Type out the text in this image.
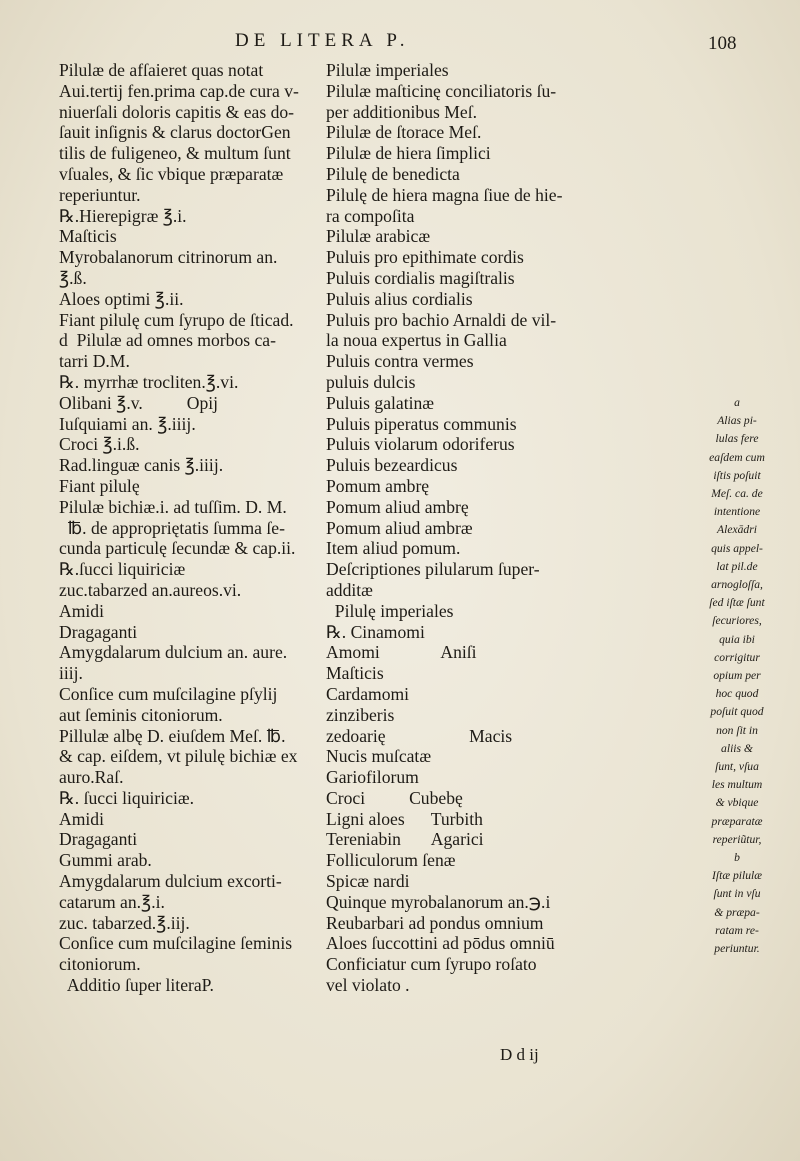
DE LITERA P.	108
Pilulæ de afſaieret quas notat
Aui.tertij fen.prima cap.de cura v-
niuerſali doloris capitis & eas do-
ſauit inſignis & clarus doctorGen
tilis de fuligeneo, & multum ſunt
vſuales, & ſic vbique præparatæ
reperiuntur.
℞.Hierepigræ ℥.i.
Maſticis
Myrobalanorum citrinorum an.
℥.ß.
Aloes optimi ℥.ii.
Fiant pilulę cum ſyrupo de ſticad.
d  Pilulæ ad omnes morbos ca-
tarri D.M.
℞. myrrhæ trocliten.℥.vi.
Olibani ℥.v.          Opij
Iuſquiami an. ℥.iiij.
Croci ℥.i.ß.
Rad.linguæ canis ℥.iiij.
Fiant pilulę
Pilulæ bichiæ.i. ad tuſſim. D. M.
℔. de appropriętatis ſumma ſe-
cunda particulę ſecundæ & cap.ii.
℞.ſucci liquiriciæ
zuc.tabarzed an.aureos.vi.
Amidi
Dragaganti
Amygdalarum dulcium an. aure.
iiij.
Conſice cum muſcilagine pſylij
aut ſeminis citoniorum.
Pillulæ albę D. eiuſdem Meſ. ℔.
& cap. eiſdem, vt pilulę bichiæ ex
auro.Raſ.
℞. ſucci liquiriciæ.
Amidi
Dragaganti
Gummi arab.
Amygdalarum dulcium excorti-
catarum an.℥.i.
zuc. tabarzed.℥.iij.
Conſice cum muſcilagine ſeminis
citoniorum.
Additio ſuper literaP.
Pilulæ imperiales
Pilulæ maſticinę conciliatoris ſu-
per additionibus Meſ.
Pilulæ de ſtorace Meſ.
Pilulæ de hiera ſimplici
Pilulę de benedicta
Pilulę de hiera magna ſiue de hie-
ra compoſita
Pilulæ arabicæ
Puluis pro epithimate cordis
Puluis cordialis magiſtralis
Puluis alius cordialis
Puluis pro bachio Arnaldi de vil-
la noua expertus in Gallia
Puluis contra vermes
puluis dulcis
Puluis galatinæ
Puluis piperatus communis
Puluis violarum odoriferus
Puluis bezeardicus
Pomum ambrę
Pomum aliud ambrę
Pomum aliud ambræ
Item aliud pomum.
Deſcriptiones pilularum ſuper-
additæ
Pilulę imperiales
℞. Cinamomi
Amomi              Aniſi
Maſticis
Cardamomi
zinziberis
zedoarię                   Macis
Nucis muſcatæ
Gariofilorum
Croci          Cubebę
Ligni aloes      Turbith
Tereniabin       Agarici
Folliculorum ſenæ
Spicæ nardi
Quinque myrobalanorum an.℈.i
Reubarbari ad pondus omnium
Aloes ſuccottini ad pōdus omniū
Conficiatur cum ſyrupo roſato
vel violato .
a
Alias pi-
lulas fere
eaſdem cum
iſtis poſuit
Meſ. ca. de
intentione
Alexādri
quis appel-
lat pil.de
arnogloſſa,
ſed iſtæ ſunt
ſecuriores,
quia ibi
corrigitur
opium per
hoc quod
poſuit quod
non ſit in
aliis &
ſunt, vſua
les multum
& vbique
præparatæ
reperiũtur,
b
Iſtæ pilulæ
ſunt in vſu
& præpa-
ratam re-
periuntur.
D d ij
